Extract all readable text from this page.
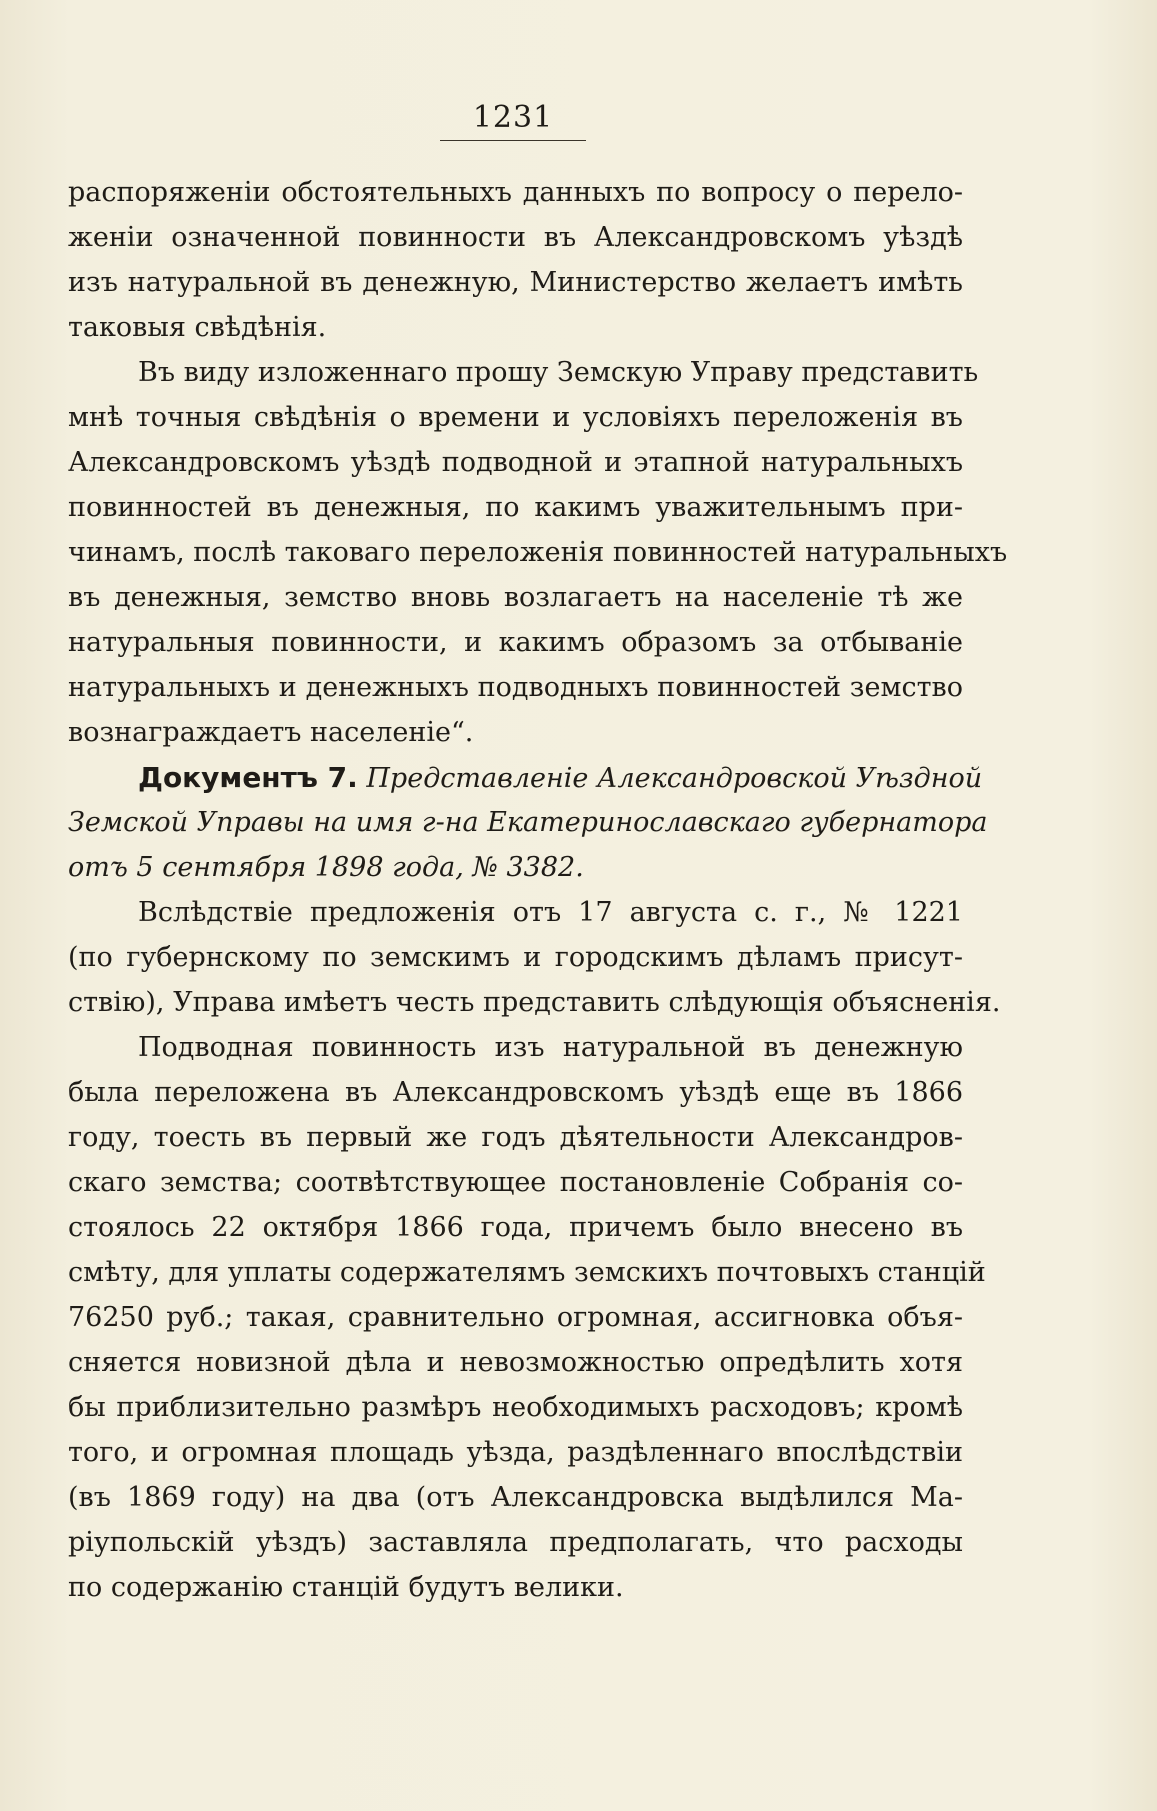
1231
распоряженіи обстоятельныхъ данныхъ по вопросу о перело-
женіи означенной повинности въ Александровскомъ уѣздѣ
изъ натуральной въ денежную, Министерство желаетъ имѣть
таковыя свѣдѣнія.
Въ виду изложеннаго прошу Земскую Управу представить
мнѣ точныя свѣдѣнія о времени и условіяхъ переложенія въ
Александровскомъ уѣздѣ подводной и этапной натуральныхъ
повинностей въ денежныя, по какимъ уважительнымъ при-
чинамъ, послѣ таковаго переложенія повинностей натуральныхъ
въ денежныя, земство вновь возлагаетъ на населеніе тѣ же
натуральныя повинности, и какимъ образомъ за отбываніе
натуральныхъ и денежныхъ подводныхъ повинностей земство
вознаграждаетъ населеніе“.
Документъ 7. Представленіе Александровской Уѣздной
Земской Управы на имя г-на Екатеринославскаго губернатора
отъ 5 сентября 1898 года, № 3382.
Вслѣдствіе предложенія отъ 17 августа с. г., № 1221
(по губернскому по земскимъ и городскимъ дѣламъ присут-
ствію), Управа имѣетъ честь представить слѣдующія объясненія.
Подводная повинность изъ натуральной въ денежную
была переложена въ Александровскомъ уѣздѣ еще въ 1866
году, тоесть въ первый же годъ дѣятельности Александров-
скаго земства; соотвѣтствующее постановленіе Собранія со-
стоялось 22 октября 1866 года, причемъ было внесено въ
смѣту, для уплаты содержателямъ земскихъ почтовыхъ станцій
76250 руб.; такая, сравнительно огромная, ассигновка объя-
сняется новизной дѣла и невозможностью опредѣлить хотя
бы приблизительно размѣръ необходимыхъ расходовъ; кромѣ
того, и огромная площадь уѣзда, раздѣленнаго впослѣдствіи
(въ 1869 году) на два (отъ Александровска выдѣлился Ма-
ріупольскій уѣздъ) заставляла предполагать, что расходы
по содержанію станцій будутъ велики.
